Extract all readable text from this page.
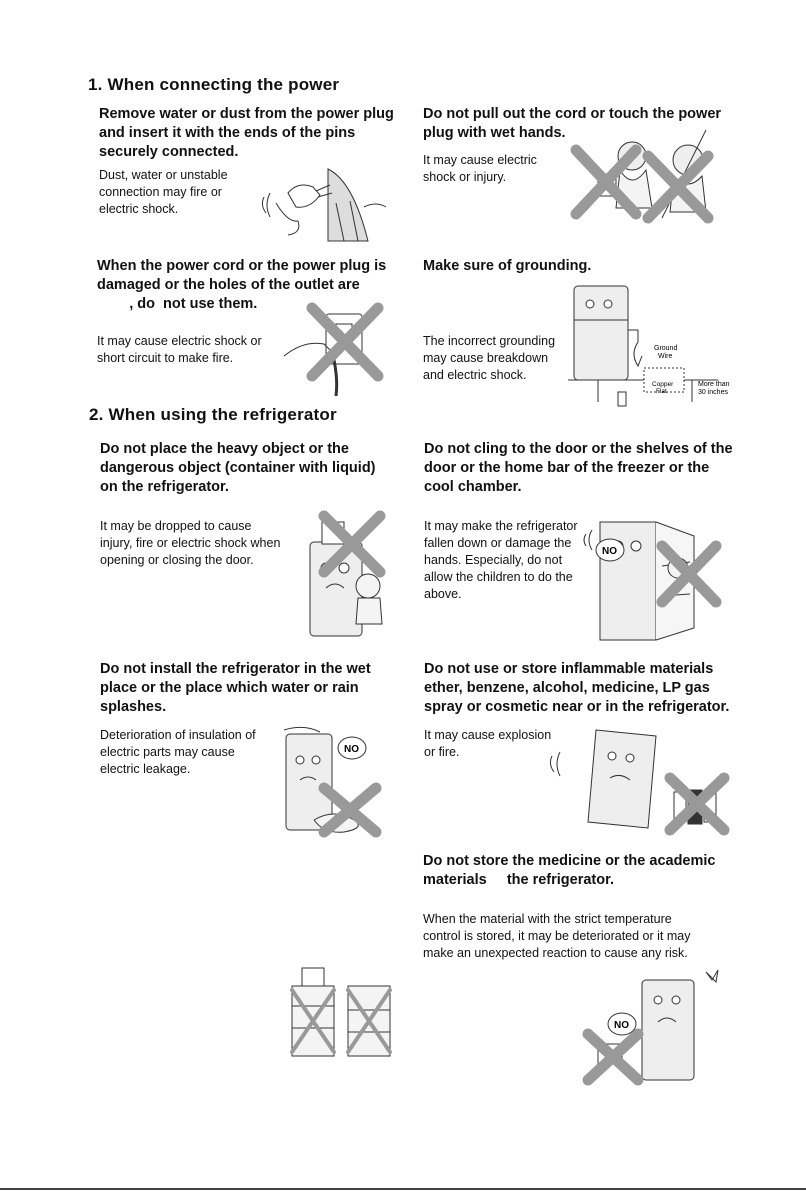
1. When connecting the power
2. When using the refrigerator
Remove water or dust from the power plug
and insert it with the ends of the pins
securely connected.
Dust, water or unstable
connection may fire or
electric shock.
Do not pull out the cord or touch the power
plug with wet hands.
It may cause electric
shock or injury.
When the power cord or the power plug is
damaged or the holes of the outlet are
, do  not use them.
It may cause electric shock or
short circuit to make fire.
Make sure of grounding.
The incorrect grounding
may cause breakdown
and electric shock.
Ground
Wire
Copper
Flat
More than
30 inches
Do not place the heavy object or the
dangerous object (container with liquid)
on the refrigerator.
It may be dropped to cause
injury, fire or electric shock when
opening or closing the door.
Do not cling to the door or the shelves of the
door or the home bar of the freezer or the
cool chamber.
It may make the refrigerator
fallen down or damage the
hands. Especially, do not
allow the children to do the
above.
NO
Do not install the refrigerator in the wet
place or the place which water or rain
splashes.
Deterioration of insulation of
electric parts may cause
electric leakage.
NO
Do not use or store inflammable materials
ether, benzene, alcohol, medicine, LP gas
spray or cosmetic near or in the refrigerator.
It may cause explosion
or fire.
Do not store the medicine or the academic
materials     the refrigerator.
When the material with the strict temperature
control is stored, it may be deteriorated or it may
make an unexpected reaction to cause any risk.
NO
